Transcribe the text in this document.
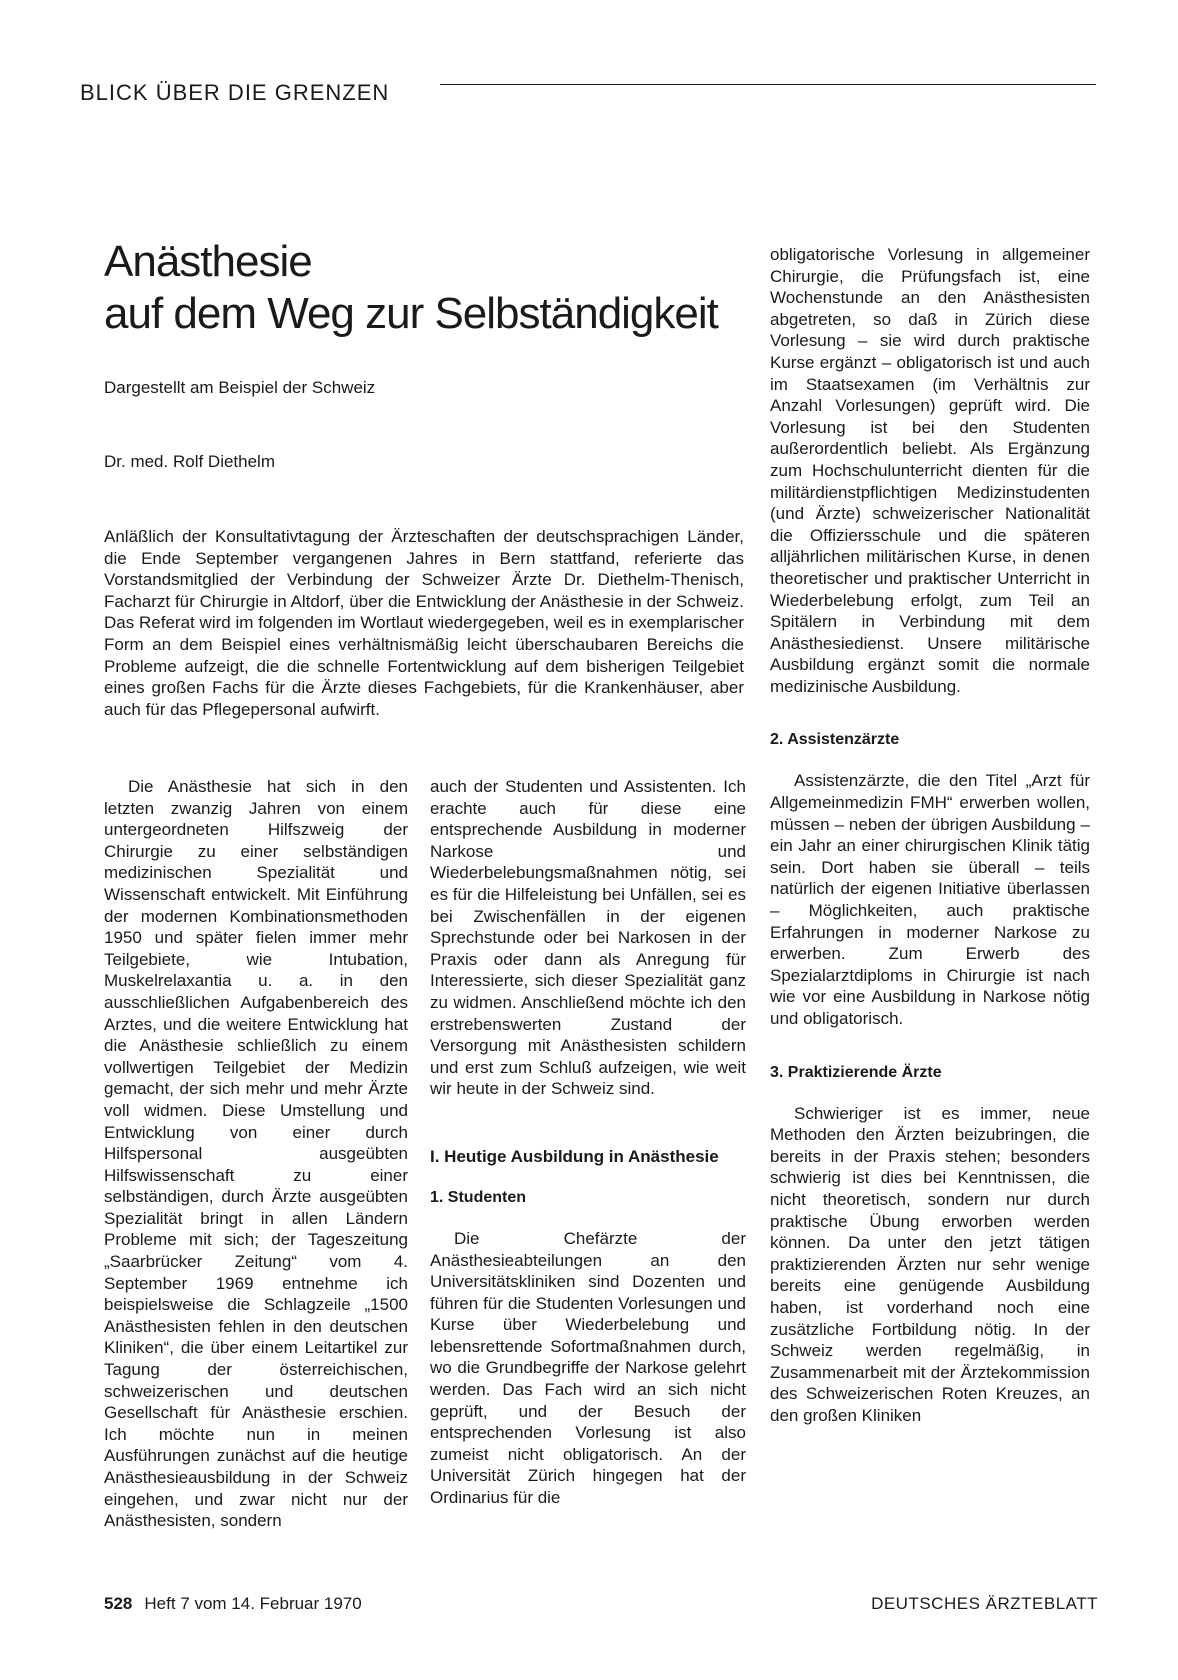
BLICK ÜBER DIE GRENZEN
Anästhesie
auf dem Weg zur Selbständigkeit
Dargestellt am Beispiel der Schweiz
Dr. med. Rolf Diethelm

Anläßlich der Konsultativtagung der Ärzteschaften der deutschsprachigen Länder, die Ende September vergangenen Jahres in Bern stattfand, referierte das Vorstandsmitglied der Verbindung der Schweizer Ärzte Dr. Diethelm-Thenisch, Facharzt für Chirurgie in Altdorf, über die Entwicklung der Anästhesie in der Schweiz. Das Referat wird im folgenden im Wortlaut wiedergegeben, weil es in exemplarischer Form an dem Beispiel eines verhältnismäßig leicht überschaubaren Bereichs die Probleme aufzeigt, die die schnelle Fortentwicklung auf dem bisherigen Teilgebiet eines großen Fachs für die Ärzte dieses Fachgebiets, für die Krankenhäuser, aber auch für das Pflegepersonal aufwirft.

Die Anästhesie hat sich in den letzten zwanzig Jahren von einem untergeordneten Hilfszweig der Chirurgie zu einer selbständigen medizinischen Spezialität und Wissenschaft entwickelt. Mit Einführung der modernen Kombinationsmethoden 1950 und später fielen immer mehr Teilgebiete, wie Intubation, Muskelrelaxantia u. a. in den ausschließlichen Aufgabenbereich des Arztes, und die weitere Entwicklung hat die Anästhesie schließlich zu einem vollwertigen Teilgebiet der Medizin gemacht, der sich mehr und mehr Ärzte voll widmen. Diese Umstellung und Entwicklung von einer durch Hilfspersonal ausgeübten Hilfswissenschaft zu einer selbständigen, durch Ärzte ausgeübten Spezialität bringt in allen Ländern Probleme mit sich; der Tageszeitung „Saarbrücker Zeitung“ vom 4. September 1969 entnehme ich beispielsweise die Schlagzeile „1500 Anästhesisten fehlen in den deutschen Kliniken“, die über einem Leitartikel zur Tagung der österreichischen, schweizerischen und deutschen Gesellschaft für Anästhesie erschien. Ich möchte nun in meinen Ausführungen zunächst auf die heutige Anästhesieausbildung in der Schweiz eingehen, und zwar nicht nur der Anästhesisten, sondern

auch der Studenten und Assistenten. Ich erachte auch für diese eine entsprechende Ausbildung in moderner Narkose und Wiederbelebungsmaßnahmen nötig, sei es für die Hilfeleistung bei Unfällen, sei es bei Zwischenfällen in der eigenen Sprechstunde oder bei Narkosen in der Praxis oder dann als Anregung für Interessierte, sich dieser Spezialität ganz zu widmen. Anschließend möchte ich den erstrebenswerten Zustand der Versorgung mit Anästhesisten schildern und erst zum Schluß aufzeigen, wie weit wir heute in der Schweiz sind.

I. Heutige Ausbildung in Anästhesie
1. Studenten

Die Chefärzte der Anästhesieabteilungen an den Universitätskliniken sind Dozenten und führen für die Studenten Vorlesungen und Kurse über Wiederbelebung und lebensrettende Sofortmaßnahmen durch, wo die Grundbegriffe der Narkose gelehrt werden. Das Fach wird an sich nicht geprüft, und der Besuch der entsprechenden Vorlesung ist also zumeist nicht obligatorisch. An der Universität Zürich hingegen hat der Ordinarius für die

obligatorische Vorlesung in allgemeiner Chirurgie, die Prüfungsfach ist, eine Wochenstunde an den Anästhesisten abgetreten, so daß in Zürich diese Vorlesung – sie wird durch praktische Kurse ergänzt – obligatorisch ist und auch im Staatsexamen (im Verhältnis zur Anzahl Vorlesungen) geprüft wird. Die Vorlesung ist bei den Studenten außerordentlich beliebt. Als Ergänzung zum Hochschulunterricht dienten für die militärdienstpflichtigen Medizinstudenten (und Ärzte) schweizerischer Nationalität die Offiziersschule und die späteren alljährlichen militärischen Kurse, in denen theoretischer und praktischer Unterricht in Wiederbelebung erfolgt, zum Teil an Spitälern in Verbindung mit dem Anästhesiedienst. Unsere militärische Ausbildung ergänzt somit die normale medizinische Ausbildung.

2. Assistenzärzte

Assistenzärzte, die den Titel „Arzt für Allgemeinmedizin FMH“ erwerben wollen, müssen – neben der übrigen Ausbildung – ein Jahr an einer chirurgischen Klinik tätig sein. Dort haben sie überall – teils natürlich der eigenen Initiative überlassen – Möglichkeiten, auch praktische Erfahrungen in moderner Narkose zu erwerben. Zum Erwerb des Spezialarztdiploms in Chirurgie ist nach wie vor eine Ausbildung in Narkose nötig und obligatorisch.

3. Praktizierende Ärzte

Schwieriger ist es immer, neue Methoden den Ärzten beizubringen, die bereits in der Praxis stehen; besonders schwierig ist dies bei Kenntnissen, die nicht theoretisch, sondern nur durch praktische Übung erworben werden können. Da unter den jetzt tätigen praktizierenden Ärzten nur sehr wenige bereits eine genügende Ausbildung haben, ist vorderhand noch eine zusätzliche Fortbildung nötig. In der Schweiz werden regelmäßig, in Zusammenarbeit mit der Ärztekommission des Schweizerischen Roten Kreuzes, an den großen Kliniken

528 Heft 7 vom 14. Februar 1970	DEUTSCHES ÄRZTEBLATT
